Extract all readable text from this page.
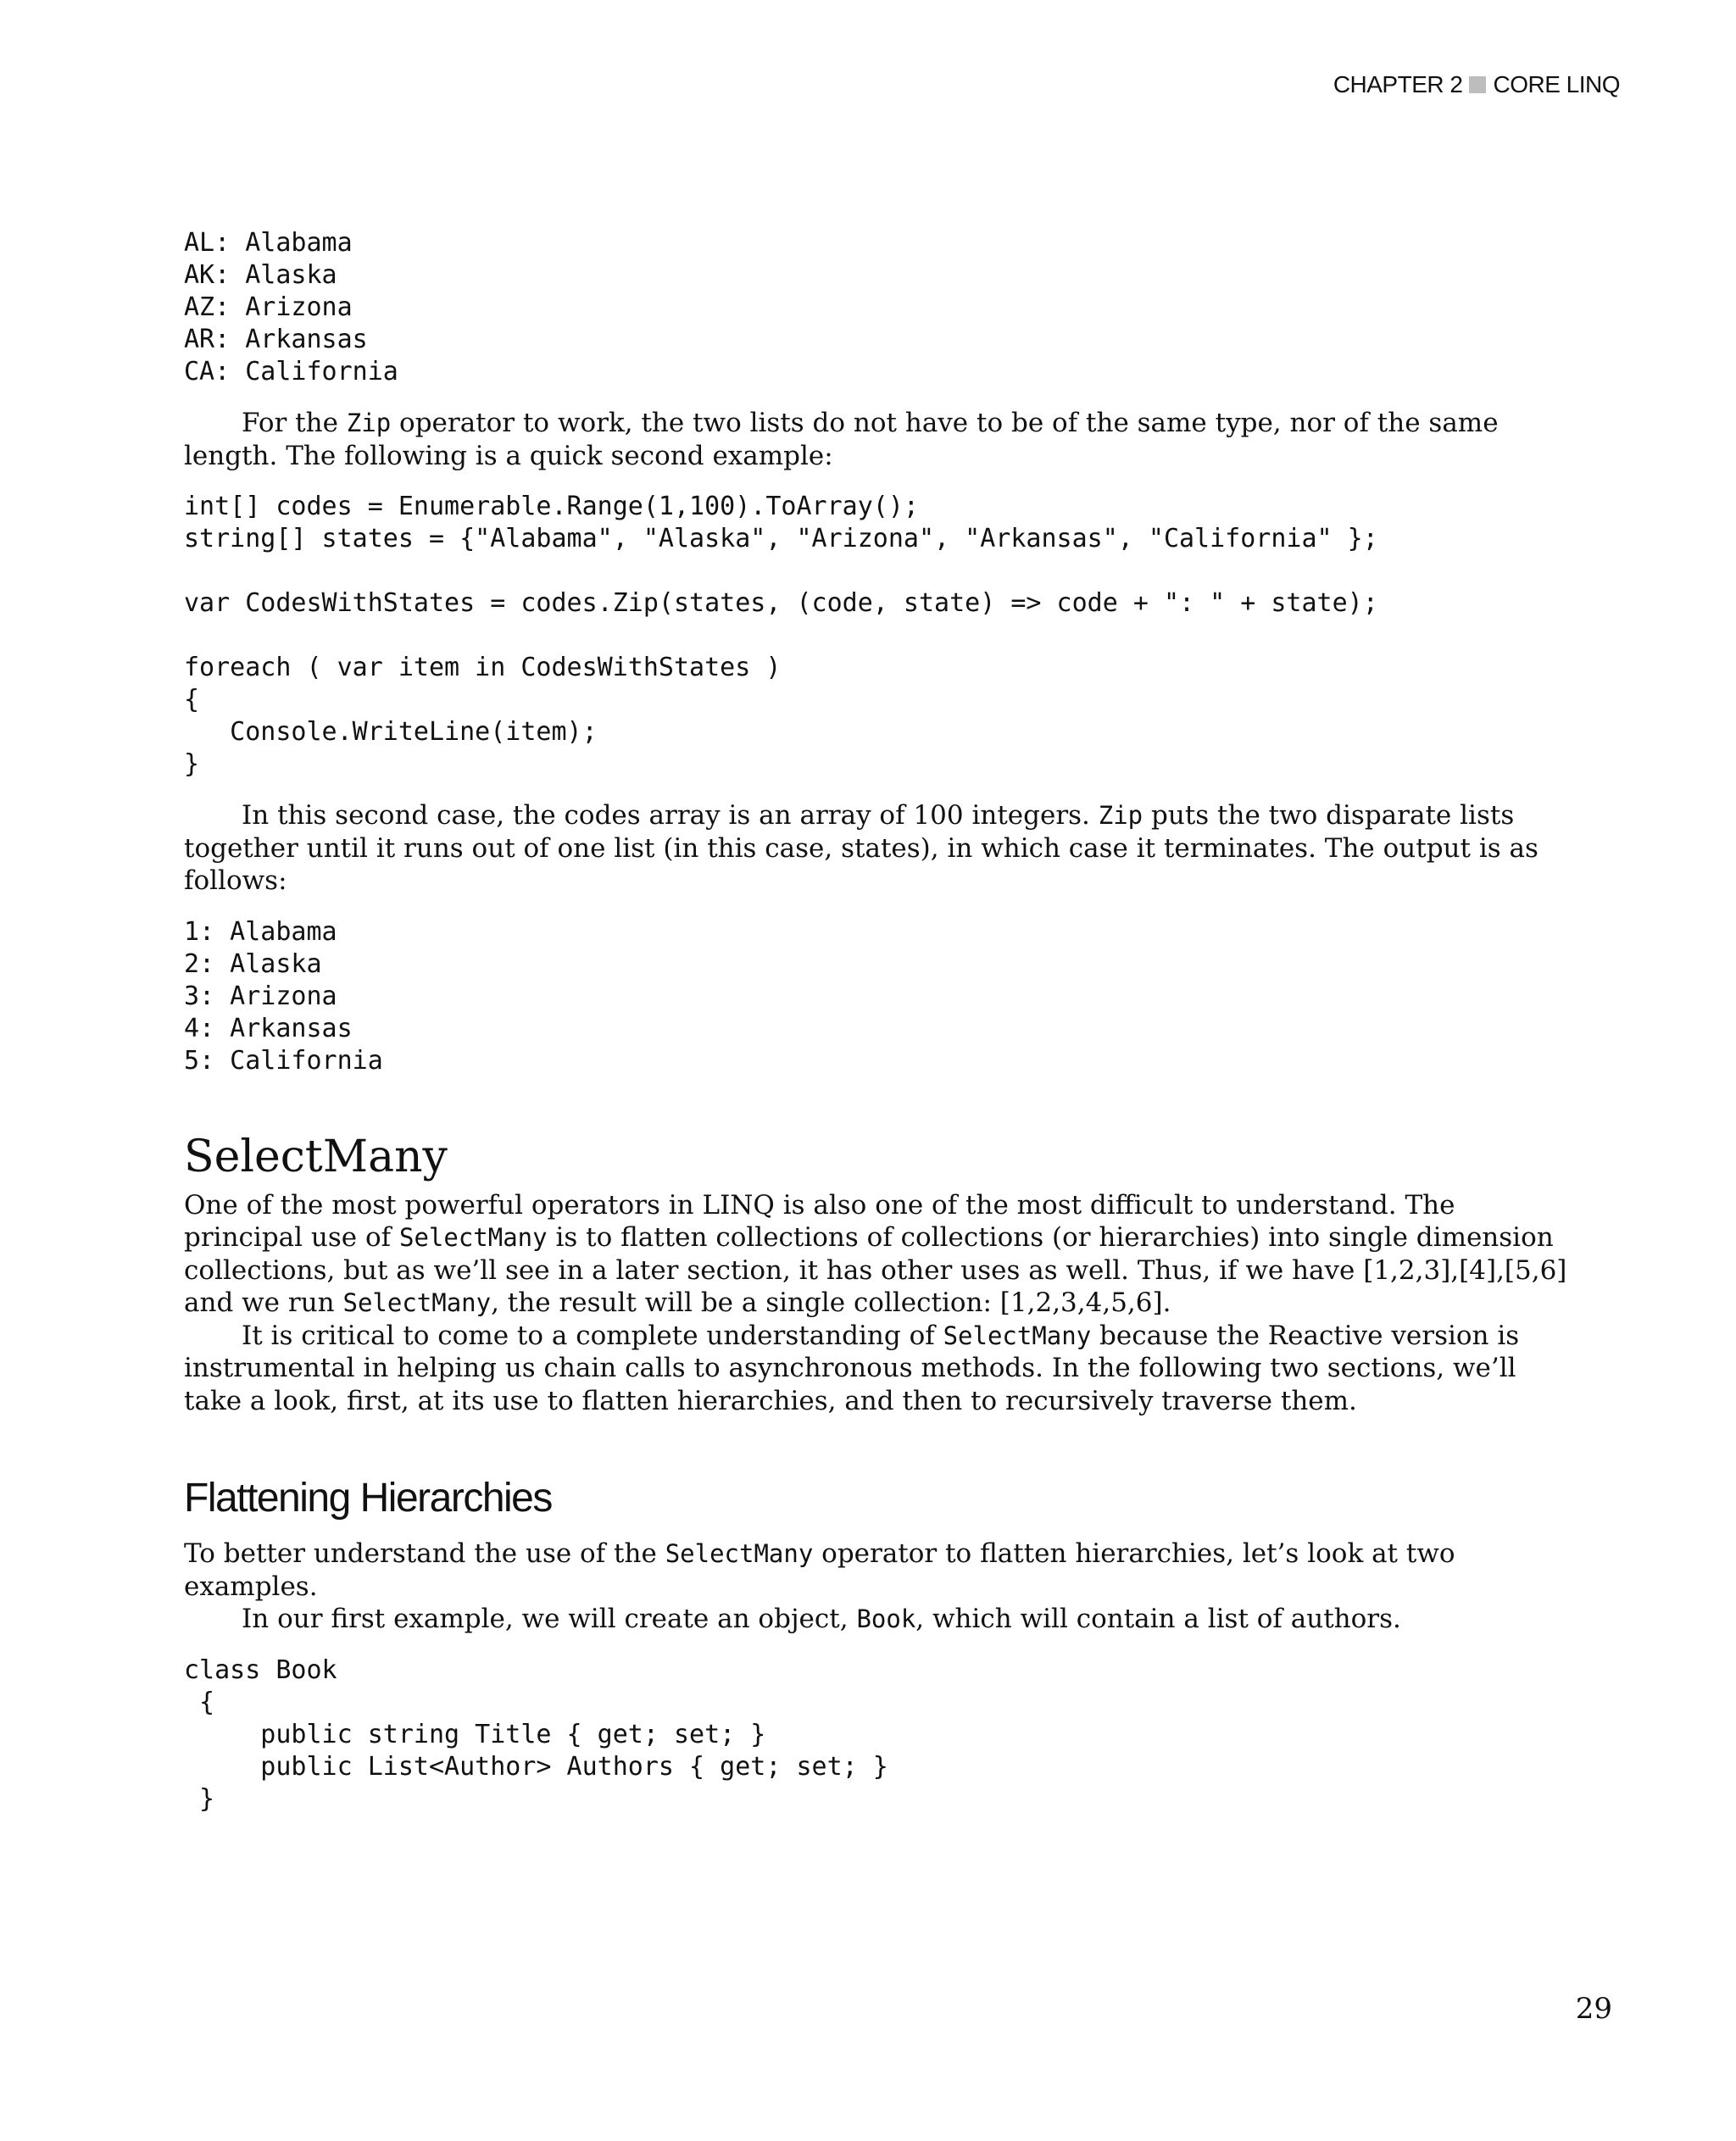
CHAPTER 2 CORE LINQ
AL: Alabama
AK: Alaska
AZ: Arizona
AR: Arkansas
CA: California

For the Zip operator to work, the two lists do not have to be of the same type, nor of the same length. The following is a quick second example:

int[] codes = Enumerable.Range(1,100).ToArray();
string[] states = {"Alabama", "Alaska", "Arizona", "Arkansas", "California" };

var CodesWithStates = codes.Zip(states, (code, state) => code + ": " + state);

foreach ( var item in CodesWithStates )
{
Console.WriteLine(item);
}

In this second case, the codes array is an array of 100 integers. Zip puts the two disparate lists together until it runs out of one list (in this case, states), in which case it terminates. The output is as follows:

1: Alabama
2: Alaska
3: Arizona
4: Arkansas
5: California
SelectMany

One of the most powerful operators in LINQ is also one of the most difficult to understand. The principal use of SelectMany is to flatten collections of collections (or hierarchies) into single dimension collections, but as we’ll see in a later section, it has other uses as well. Thus, if we have [1,2,3],[4],[5,6] and we run SelectMany, the result will be a single collection: [1,2,3,4,5,6].

It is critical to come to a complete understanding of SelectMany because the Reactive version is instrumental in helping us chain calls to asynchronous methods. In the following two sections, we’ll take a look, first, at its use to flatten hierarchies, and then to recursively traverse them.

Flattening Hierarchies

To better understand the use of the SelectMany operator to flatten hierarchies, let’s look at two examples.

In our first example, we will create an object, Book, which will contain a list of authors.

class Book
{
public string Title { get; set; }
public List<Author> Authors { get; set; }
}
29
